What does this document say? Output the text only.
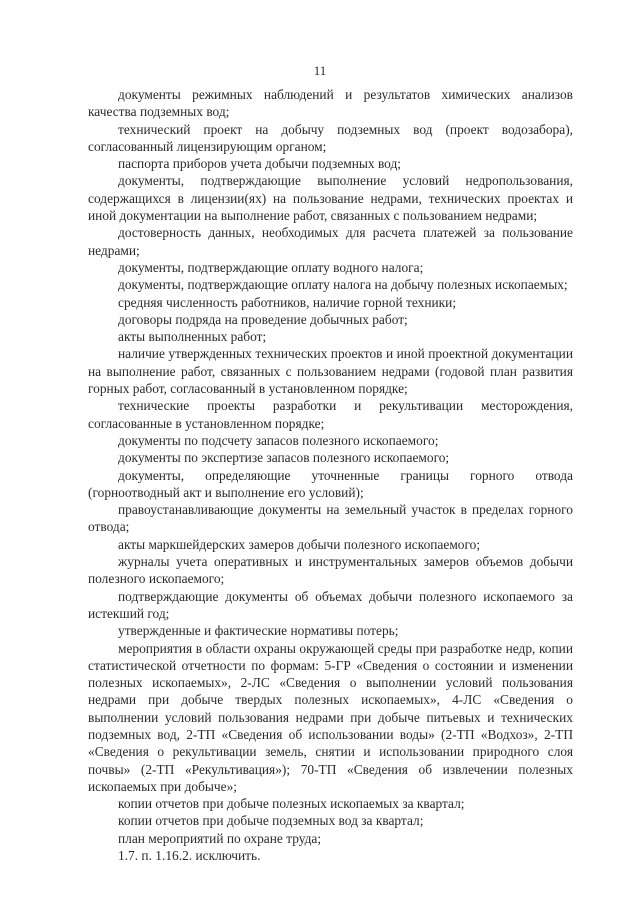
11

документы режимных наблюдений и результатов химических анализов качества подземных вод;

технический проект на добычу подземных вод (проект водозабора), согласованный лицензирующим органом;

паспорта приборов учета добычи подземных вод;

документы, подтверждающие выполнение условий недропользования, содержащихся в лицензии(ях) на пользование недрами, технических проектах и иной документации на выполнение работ, связанных с пользованием недрами;

достоверность данных, необходимых для расчета платежей за пользование недрами;

документы, подтверждающие оплату водного налога;

документы, подтверждающие оплату налога на добычу полезных ископаемых;

средняя численность работников, наличие горной техники;

договоры подряда на проведение добычных работ;

акты выполненных работ;

наличие утвержденных технических проектов и иной проектной документации на выполнение работ, связанных с пользованием недрами (годовой план развития горных работ, согласованный в установленном порядке;

технические проекты разработки и рекультивации месторождения, согласованные в установленном порядке;

документы по подсчету запасов полезного ископаемого;

документы по экспертизе запасов полезного ископаемого;

документы, определяющие уточненные границы горного отвода (горноотводный акт и выполнение его условий);

правоустанавливающие документы на земельный участок в пределах горного отвода;

акты маркшейдерских замеров добычи полезного ископаемого;

журналы учета оперативных и инструментальных замеров объемов добычи полезного ископаемого;

подтверждающие документы об объемах добычи полезного ископаемого за истекший год;

утвержденные и фактические нормативы потерь;

мероприятия в области охраны окружающей среды при разработке недр, копии статистической отчетности по формам: 5-ГР «Сведения о состоянии и изменении полезных ископаемых», 2-ЛС «Сведения о выполнении условий пользования недрами при добыче твердых полезных ископаемых», 4-ЛС «Сведения о выполнении условий пользования недрами при добыче питьевых и технических подземных вод, 2-ТП «Сведения об использовании воды» (2-ТП «Водхоз», 2-ТП «Сведения о рекультивации земель, снятии и использовании природного слоя почвы» (2-ТП «Рекультивация»); 70-ТП «Сведения об извлечении полезных ископаемых при добыче»;

копии отчетов при добыче полезных ископаемых за квартал;

копии отчетов при добыче подземных вод за квартал;

план мероприятий по охране труда;

1.7. п. 1.16.2. исключить.
